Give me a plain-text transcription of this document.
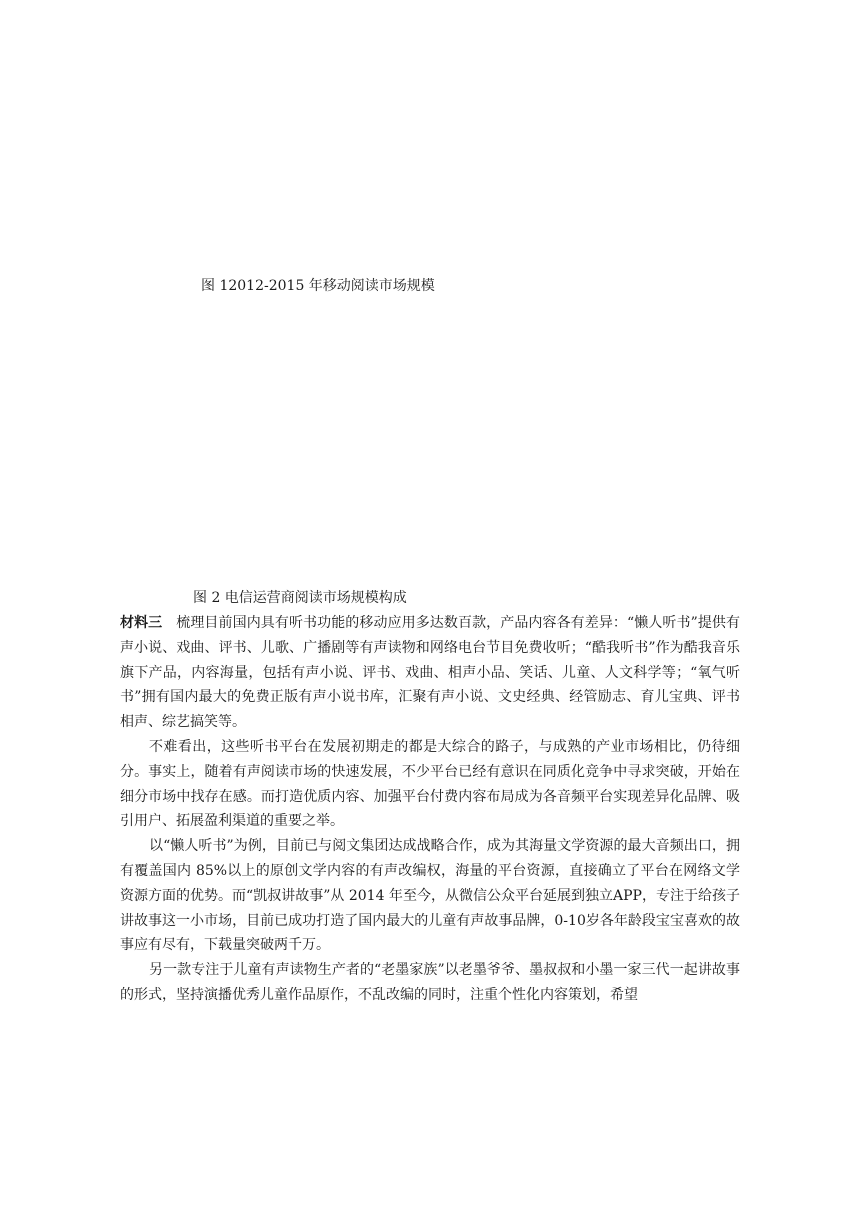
图 12012-2015 年移动阅读市场规模
图 2 电信运营商阅读市场规模构成

材料三 梳理目前国内具有听书功能的移动应用多达数百款，产品内容各有差异：“懒人听书”提供有声小说、戏曲、评书、儿歌、广播剧等有声读物和网络电台节目免费收听；“酷我听书”作为酷我音乐旗下产品，内容海量，包括有声小说、评书、戏曲、相声小品、笑话、儿童、人文科学等；“氧气听书”拥有国内最大的免费正版有声小说书库，汇聚有声小说、文史经典、经管励志、育儿宝典、评书相声、综艺搞笑等。

不难看出，这些听书平台在发展初期走的都是大综合的路子，与成熟的产业市场相比，仍待细分。事实上，随着有声阅读市场的快速发展，不少平台已经有意识在同质化竞争中寻求突破，开始在细分市场中找存在感。而打造优质内容、加强平台付费内容布局成为各音频平台实现差异化品牌、吸引用户、拓展盈利渠道的重要之举。

以“懒人听书”为例，目前已与阅文集团达成战略合作，成为其海量文学资源的最大音频出口，拥有覆盖国内 85%以上的原创文学内容的有声改编权，海量的平台资源，直接确立了平台在网络文学资源方面的优势。而“凯叔讲故事”从 2014 年至今，从微信公众平台延展到独立APP，专注于给孩子讲故事这一小市场，目前已成功打造了国内最大的儿童有声故事品牌，0-10岁各年龄段宝宝喜欢的故事应有尽有，下载量突破两千万。

另一款专注于儿童有声读物生产者的“老墨家族”以老墨爷爷、墨叔叔和小墨一家三代一起讲故事的形式，坚持演播优秀儿童作品原作，不乱改编的同时，注重个性化内容策划，希望
